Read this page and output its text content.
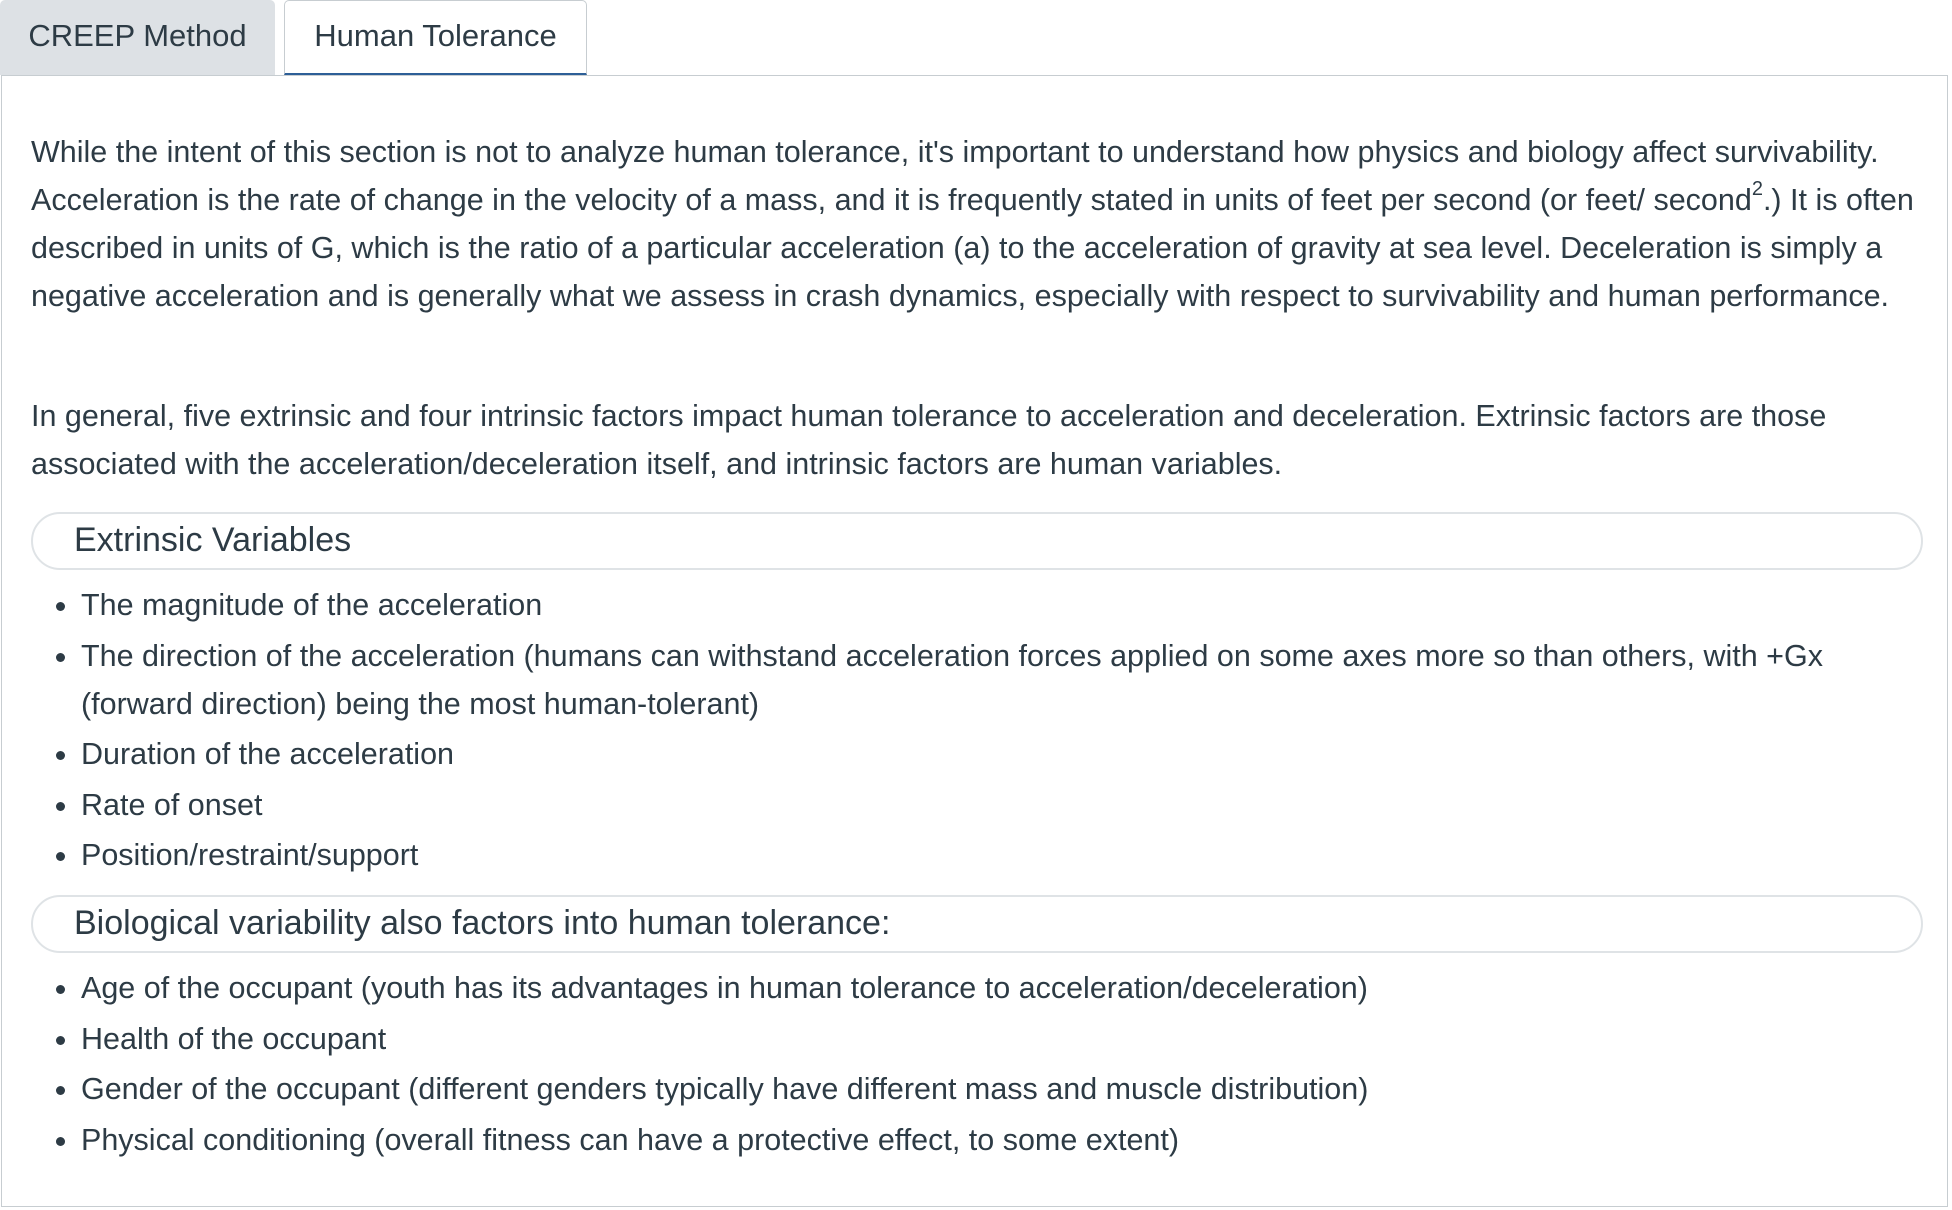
CREEP Method	Human Tolerance

While the intent of this section is not to analyze human tolerance, it's important to understand how physics and biology affect survivability. Acceleration is the rate of change in the velocity of a mass, and it is frequently stated in units of feet per second (or feet/ second$^2$.) It is often described in units of G, which is the ratio of a particular acceleration (a) to the acceleration of gravity at sea level. Deceleration is simply a negative acceleration and is generally what we assess in crash dynamics, especially with respect to survivability and human performance.

In general, five extrinsic and four intrinsic factors impact human tolerance to acceleration and deceleration. Extrinsic factors are those associated with the acceleration/deceleration itself, and intrinsic factors are human variables.

Extrinsic Variables
The magnitude of the acceleration
The direction of the acceleration (humans can withstand acceleration forces applied on some axes more so than others, with +Gx (forward direction) being the most human-tolerant)
Duration of the acceleration
Rate of onset
Position/restraint/support
Biological variability also factors into human tolerance:
Age of the occupant (youth has its advantages in human tolerance to acceleration/deceleration)
Health of the occupant
Gender of the occupant (different genders typically have different mass and muscle distribution)
Physical conditioning (overall fitness can have a protective effect, to some extent)
